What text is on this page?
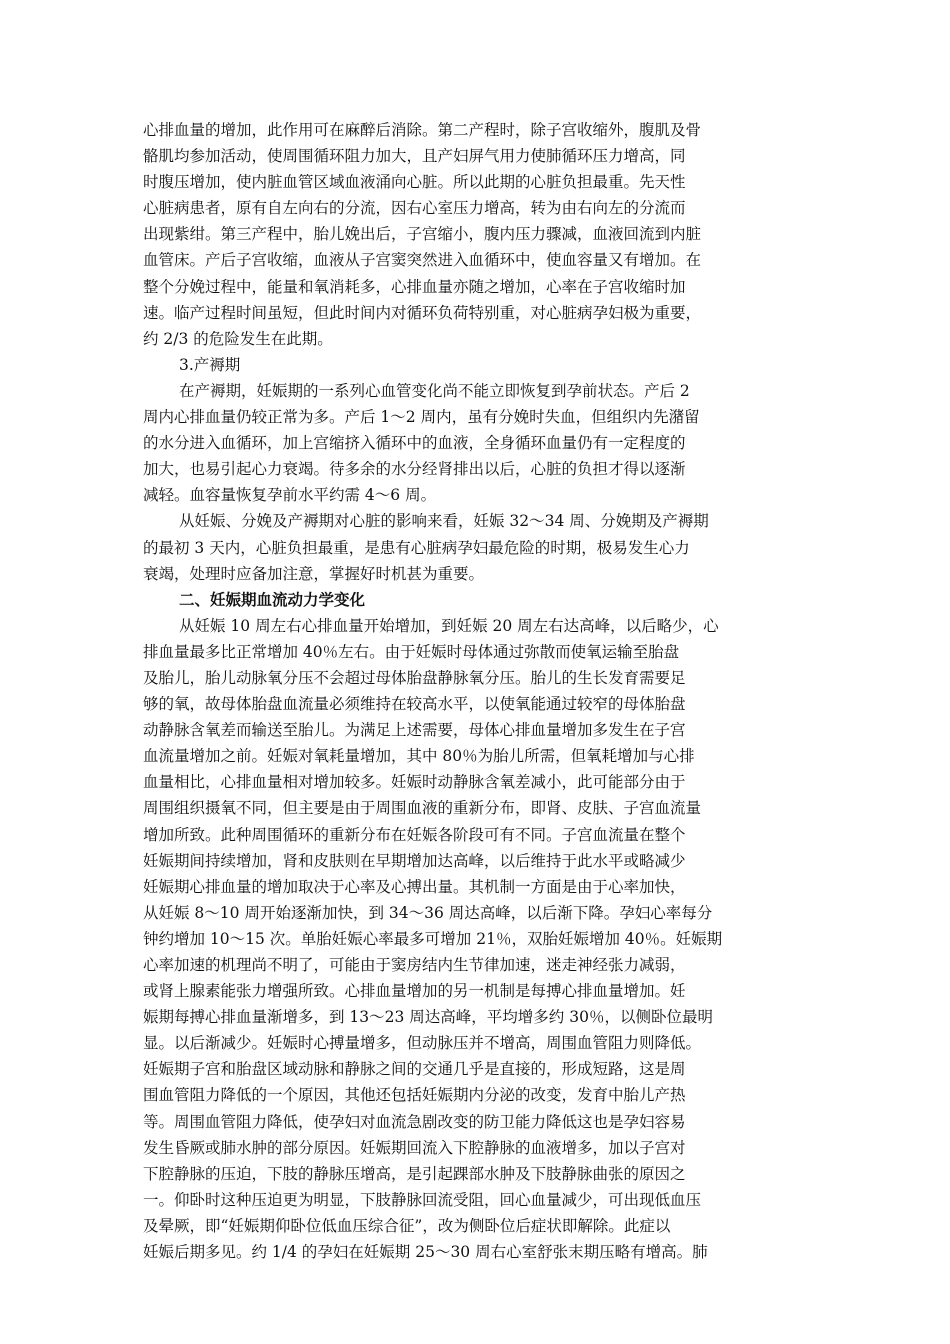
心排血量的增加，此作用可在麻醉后消除。第二产程时，除子宫收缩外，腹肌及骨
骼肌均参加活动，使周围循环阻力加大，且产妇屏气用力使肺循环压力增高，同
时腹压增加，使内脏血管区域血液涌向心脏。所以此期的心脏负担最重。先天性
心脏病患者，原有自左向右的分流，因右心室压力增高，转为由右向左的分流而
出现紫绀。第三产程中，胎儿娩出后，子宫缩小，腹内压力骤减，血液回流到内脏
血管床。产后子宫收缩，血液从子宫窦突然进入血循环中，使血容量又有增加。在
整个分娩过程中，能量和氧消耗多，心排血量亦随之增加，心率在子宫收缩时加
速。临产过程时间虽短，但此时间内对循环负荷特别重，对心脏病孕妇极为重要，
约 2/3 的危险发生在此期。
3.产褥期
在产褥期，妊娠期的一系列心血管变化尚不能立即恢复到孕前状态。产后 2
周内心排血量仍较正常为多。产后 1～2 周内，虽有分娩时失血，但组织内先潴留
的水分进入血循环，加上宫缩挤入循环中的血液，全身循环血量仍有一定程度的
加大，也易引起心力衰竭。待多余的水分经肾排出以后，心脏的负担才得以逐渐
减轻。血容量恢复孕前水平约需 4～6 周。
从妊娠、分娩及产褥期对心脏的影响来看，妊娠 32～34 周、分娩期及产褥期
的最初 3 天内，心脏负担最重，是患有心脏病孕妇最危险的时期，极易发生心力
衰竭，处理时应备加注意，掌握好时机甚为重要。
二、妊娠期血流动力学变化
从妊娠 10 周左右心排血量开始增加，到妊娠 20 周左右达高峰，以后略少，心
排血量最多比正常增加 40％左右。由于妊娠时母体通过弥散而使氧运输至胎盘
及胎儿，胎儿动脉氧分压不会超过母体胎盘静脉氧分压。胎儿的生长发育需要足
够的氧，故母体胎盘血流量必须维持在较高水平，以使氧能通过较窄的母体胎盘
动静脉含氧差而输送至胎儿。为满足上述需要，母体心排血量增加多发生在子宫
血流量增加之前。妊娠对氧耗量增加，其中 80％为胎儿所需，但氧耗增加与心排
血量相比，心排血量相对增加较多。妊娠时动静脉含氧差减小，此可能部分由于
周围组织摄氧不同，但主要是由于周围血液的重新分布，即肾、皮肤、子宫血流量
增加所致。此种周围循环的重新分布在妊娠各阶段可有不同。子宫血流量在整个
妊娠期间持续增加，肾和皮肤则在早期增加达高峰，以后维持于此水平或略减少
妊娠期心排血量的增加取决于心率及心搏出量。其机制一方面是由于心率加快，
从妊娠 8～10 周开始逐渐加快，到 34～36 周达高峰，以后渐下降。孕妇心率每分
钟约增加 10～15 次。单胎妊娠心率最多可增加 21％，双胎妊娠增加 40％。妊娠期
心率加速的机理尚不明了，可能由于窦房结内生节律加速，迷走神经张力减弱，
或肾上腺素能张力增强所致。心排血量增加的另一机制是每搏心排血量增加。妊
娠期每搏心排血量渐增多，到 13～23 周达高峰，平均增多约 30％，以侧卧位最明
显。以后渐减少。妊娠时心搏量增多，但动脉压并不增高，周围血管阻力则降低。
妊娠期子宫和胎盘区域动脉和静脉之间的交通几乎是直接的，形成短路，这是周
围血管阻力降低的一个原因，其他还包括妊娠期内分泌的改变，发育中胎儿产热
等。周围血管阻力降低，使孕妇对血流急剧改变的防卫能力降低这也是孕妇容易
发生昏厥或肺水肿的部分原因。妊娠期回流入下腔静脉的血液增多，加以子宫对
下腔静脉的压迫，下肢的静脉压增高，是引起踝部水肿及下肢静脉曲张的原因之
一。仰卧时这种压迫更为明显，下肢静脉回流受阻，回心血量减少，可出现低血压
及晕厥，即“妊娠期仰卧位低血压综合征”，改为侧卧位后症状即解除。此症以
妊娠后期多见。约 1/4 的孕妇在妊娠期 25～30 周右心室舒张末期压略有增高。肺
